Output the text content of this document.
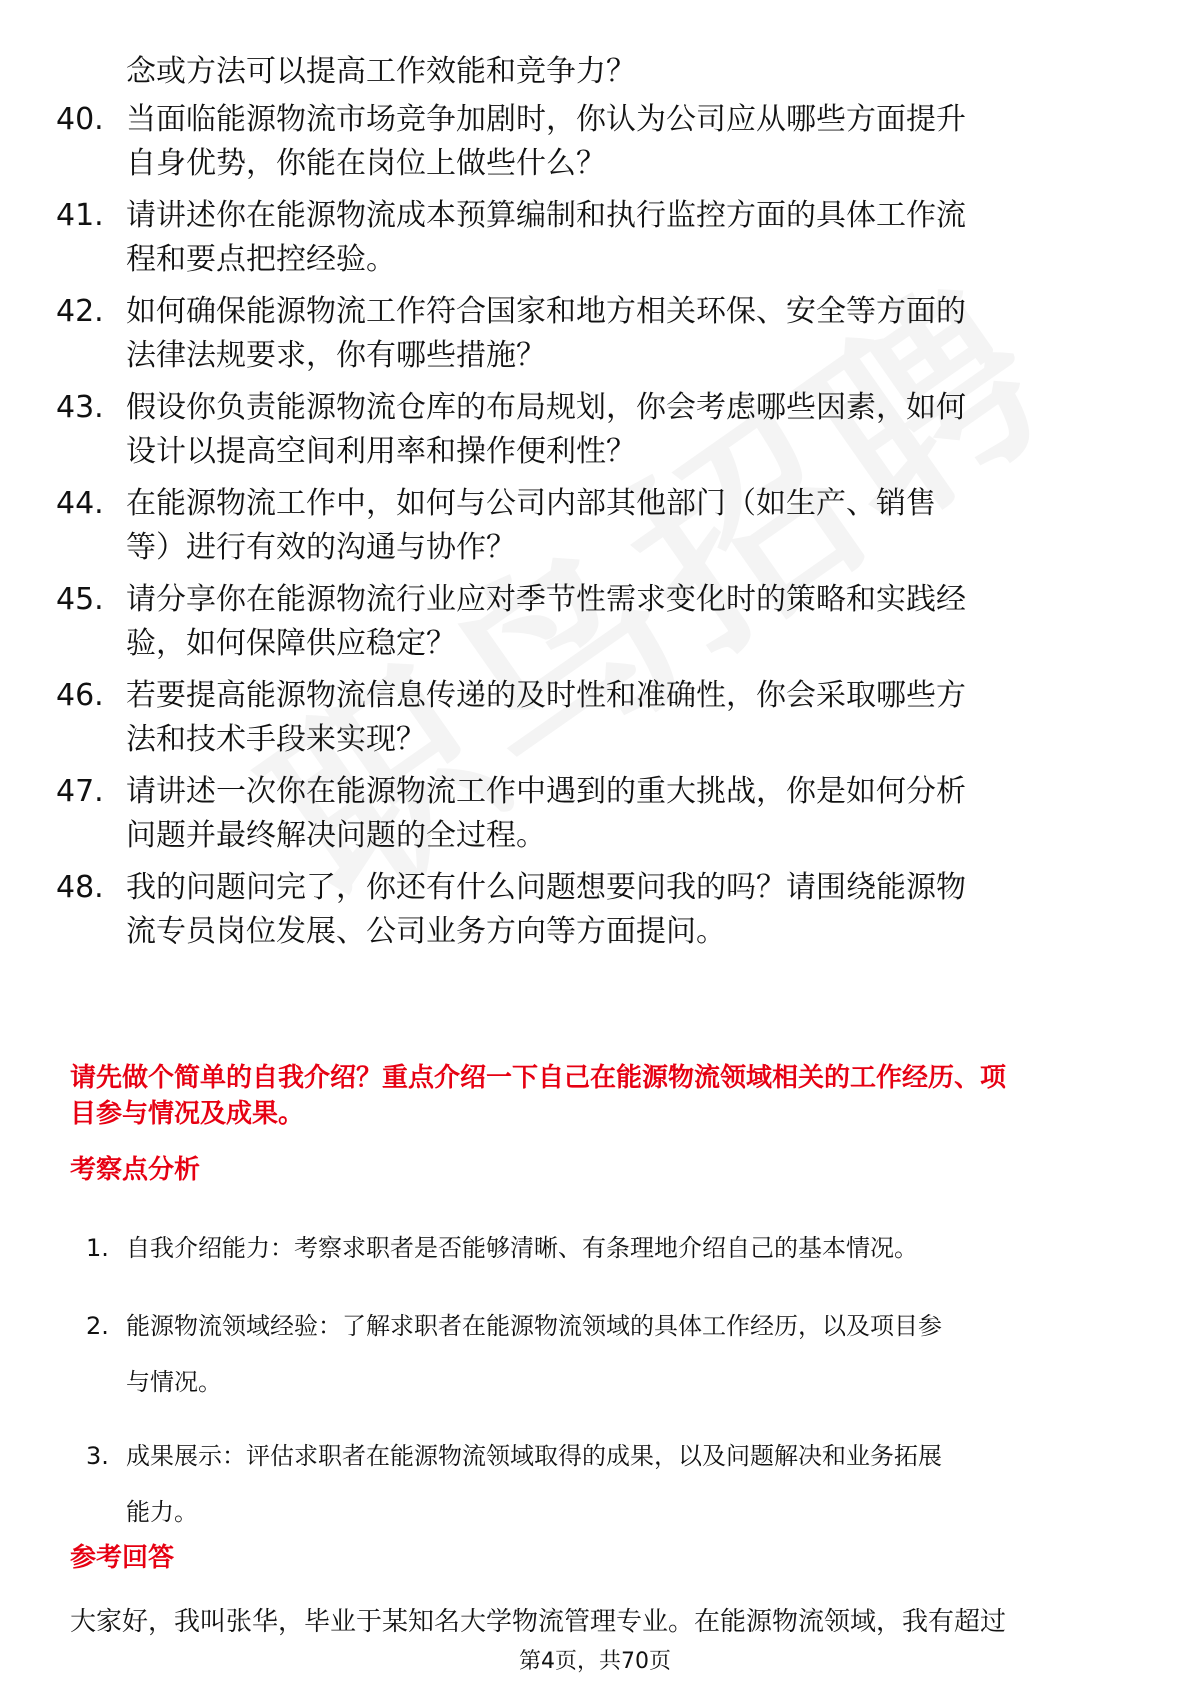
念或方法可以提高工作效能和竞争力？
40. 当面临能源物流市场竞争加剧时，你认为公司应从哪些方面提升
自身优势，你能在岗位上做些什么？
41. 请讲述你在能源物流成本预算编制和执行监控方面的具体工作流
程和要点把控经验。
42. 如何确保能源物流工作符合国家和地方相关环保、安全等方面的
法律法规要求，你有哪些措施？
43. 假设你负责能源物流仓库的布局规划，你会考虑哪些因素，如何
设计以提高空间利用率和操作便利性？
44. 在能源物流工作中，如何与公司内部其他部门（如生产、销售
等）进行有效的沟通与协作？
45. 请分享你在能源物流行业应对季节性需求变化时的策略和实践经
验，如何保障供应稳定？
46. 若要提高能源物流信息传递的及时性和准确性，你会采取哪些方
法和技术手段来实现？
47. 请讲述一次你在能源物流工作中遇到的重大挑战，你是如何分析
问题并最终解决问题的全过程。
48. 我的问题问完了，你还有什么问题想要问我的吗？请围绕能源物
流专员岗位发展、公司业务方向等方面提问。
请先做个简单的自我介绍？重点介绍一下自己在能源物流领域相关的工作经历、项
目参与情况及成果。
考察点分析
1. 自我介绍能力：考察求职者是否能够清晰、有条理地介绍自己的基本情况。
2. 能源物流领域经验：了解求职者在能源物流领域的具体工作经历，以及项目参
与情况。
3. 成果展示：评估求职者在能源物流领域取得的成果，以及问题解决和业务拓展
能力。
参考回答
大家好，我叫张华，毕业于某知名大学物流管理专业。在能源物流领域，我有超过
第4页，共70页
